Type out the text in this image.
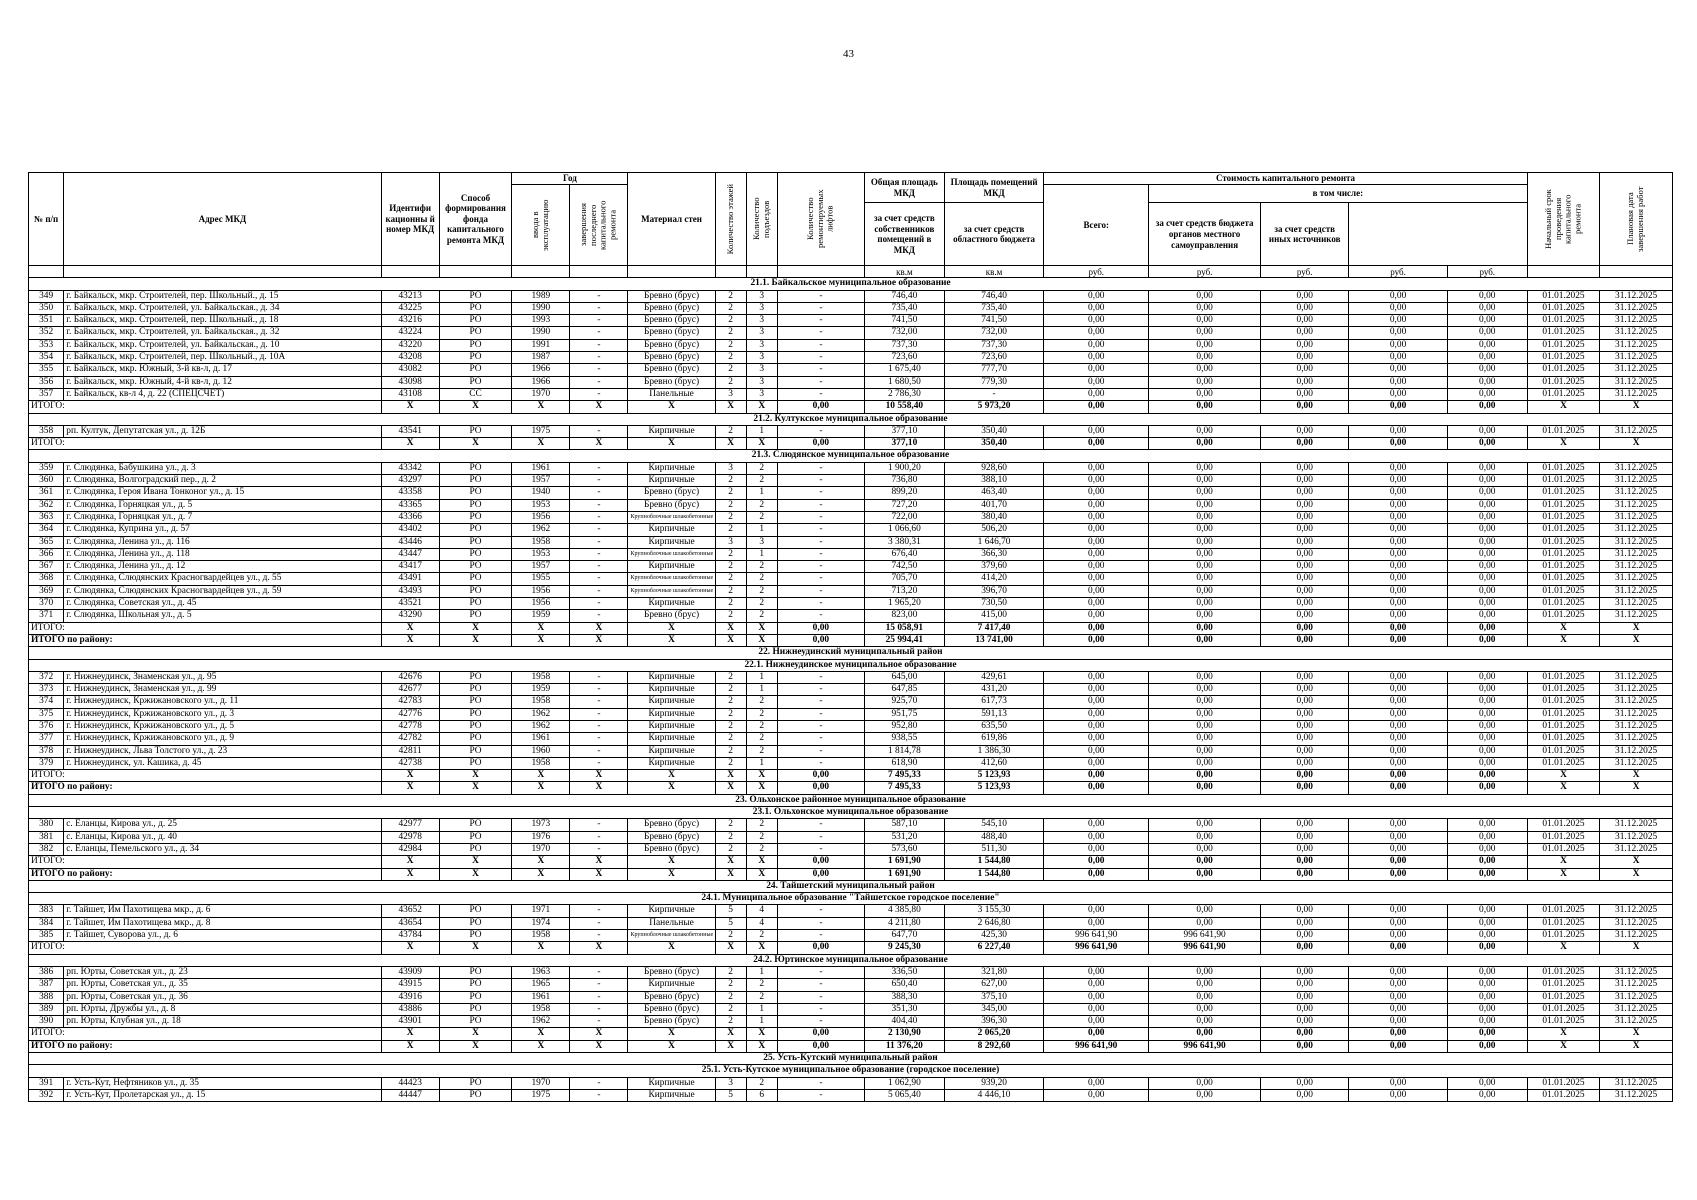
43
№ п/п	Адрес МКД	Идентифи кационны й номер МКД	Способ формирования фонда капитального ремонта МКД	Год		Материал стен	Количество этажей	Количество подъездов	Количество ремонтируемых лифтов	Общая площадь МКД	Площадь помещений МКД	Стоимость капитального ремонта					Начальный срок проведения капитального ремонта	Плановая дата завершения работ

				ввода в эксплуатацию	завершения последнего капитального ремонта							Всего:	в том числе:					
										за счет средств собственников помещений в МКД	за счет средств областного бюджета		за счет средств бюджета органов местного самоуправления	за счет средств иных источников				
										кв.м	кв.м	руб.	руб.	руб.	руб.	руб.		
21.1. Байкальское муниципальное образование																		
349	г. Байкальск, мкр. Строителей, пер. Школьный., д. 15	43213	РО	1989	-	Бревно (брус)	2	3	-	746,40	746,40	0,00	0,00	0,00	0,00	0,00	01.01.2025	31.12.2025
350	г. Байкальск, мкр. Строителей, ул. Байкальская., д. 34	43225	РО	1990	-	Бревно (брус)	2	3	-	735,40	735,40	0,00	0,00	0,00	0,00	0,00	01.01.2025	31.12.2025
351	г. Байкальск, мкр. Строителей, пер. Школьный., д. 18	43216	РО	1993	-	Бревно (брус)	2	3	-	741,50	741,50	0,00	0,00	0,00	0,00	0,00	01.01.2025	31.12.2025
352	г. Байкальск, мкр. Строителей, ул. Байкальская., д. 32	43224	РО	1990	-	Бревно (брус)	2	3	-	732,00	732,00	0,00	0,00	0,00	0,00	0,00	01.01.2025	31.12.2025
353	г. Байкальск, мкр. Строителей, ул. Байкальская., д. 10	43220	РО	1991	-	Бревно (брус)	2	3	-	737,30	737,30	0,00	0,00	0,00	0,00	0,00	01.01.2025	31.12.2025
354	г. Байкальск, мкр. Строителей, пер. Школьный., д. 10А	43208	РО	1987	-	Бревно (брус)	2	3	-	723,60	723,60	0,00	0,00	0,00	0,00	0,00	01.01.2025	31.12.2025
355	г. Байкальск, мкр. Южный, 3-й кв-л, д. 17	43082	РО	1966	-	Бревно (брус)	2	3	-	1 675,40	777,70	0,00	0,00	0,00	0,00	0,00	01.01.2025	31.12.2025
356	г. Байкальск, мкр. Южный, 4-й кв-л, д. 12	43098	РО	1966	-	Бревно (брус)	2	3	-	1 680,50	779,30	0,00	0,00	0,00	0,00	0,00	01.01.2025	31.12.2025
357	г. Байкальск, кв-л 4, д. 22 (СПЕЦСЧЕТ)	43108	СС	1970	-	Панельные	3	3	-	2 786,30	-	0,00	0,00	0,00	0,00	0,00	01.01.2025	31.12.2025
ИТОГО:		X	X	X	X	X	X	X	0,00	10 558,40	5 973,20	0,00	0,00	0,00	0,00	0,00	X	X
21.2. Култукское муниципальное образование																		
358	рп. Култук, Депутатская ул., д. 12Б	43541	РО	1975	-	Кирпичные	2	1	-	377,10	350,40	0,00	0,00	0,00	0,00	0,00	01.01.2025	31.12.2025
ИТОГО:		X	X	X	X	X	X	X	0,00	377,10	350,40	0,00	0,00	0,00	0,00	0,00	X	X
21.3. Слюдянское муниципальное образование																		
359	г. Слюдянка, Бабушкина ул., д. 3	43342	РО	1961	-	Кирпичные	3	2	-	1 900,20	928,60	0,00	0,00	0,00	0,00	0,00	01.01.2025	31.12.2025
360	г. Слюдянка, Волгоградский пер., д. 2	43297	РО	1957	-	Кирпичные	2	2	-	736,80	388,10	0,00	0,00	0,00	0,00	0,00	01.01.2025	31.12.2025
361	г. Слюдянка, Героя Ивана Тонконог ул., д. 15	43358	РО	1940	-	Бревно (брус)	2	1	-	899,20	463,40	0,00	0,00	0,00	0,00	0,00	01.01.2025	31.12.2025
362	г. Слюдянка, Горняцкая ул., д. 5	43365	РО	1953	-	Бревно (брус)	2	2	-	727,20	401,70	0,00	0,00	0,00	0,00	0,00	01.01.2025	31.12.2025
363	г. Слюдянка, Горняцкая ул., д. 7	43366	РО	1956	-	Крупноблочные шлакобетонные	2	2	-	722,00	380,40	0,00	0,00	0,00	0,00	0,00	01.01.2025	31.12.2025
364	г. Слюдянка, Куприна ул., д. 57	43402	РО	1962	-	Кирпичные	2	1	-	1 066,60	506,20	0,00	0,00	0,00	0,00	0,00	01.01.2025	31.12.2025
365	г. Слюдянка, Ленина ул., д. 116	43446	РО	1958	-	Кирпичные	3	3	-	3 380,31	1 646,70	0,00	0,00	0,00	0,00	0,00	01.01.2025	31.12.2025
366	г. Слюдянка, Ленина ул., д. 118	43447	РО	1953	-	Крупноблочные шлакобетонные	2	1	-	676,40	366,30	0,00	0,00	0,00	0,00	0,00	01.01.2025	31.12.2025
367	г. Слюдянка, Ленина ул., д. 12	43417	РО	1957	-	Кирпичные	2	2	-	742,50	379,60	0,00	0,00	0,00	0,00	0,00	01.01.2025	31.12.2025
368	г. Слюдянка, Слюдянских Красногвардейцев ул., д. 55	43491	РО	1955	-	Крупноблочные шлакобетонные	2	2	-	705,70	414,20	0,00	0,00	0,00	0,00	0,00	01.01.2025	31.12.2025
369	г. Слюдянка, Слюдянских Красногвардейцев ул., д. 59	43493	РО	1956	-	Крупноблочные шлакобетонные	2	2	-	713,20	396,70	0,00	0,00	0,00	0,00	0,00	01.01.2025	31.12.2025
370	г. Слюдянка, Советская ул., д. 45	43521	РО	1956	-	Кирпичные	2	2	-	1 965,20	730,50	0,00	0,00	0,00	0,00	0,00	01.01.2025	31.12.2025
371	г. Слюдянка, Школьная ул., д. 5	43290	РО	1959	-	Бревно (брус)	2	2	-	823,00	415,00	0,00	0,00	0,00	0,00	0,00	01.01.2025	31.12.2025
ИТОГО:		X	X	X	X	X	X	X	0,00	15 058,91	7 417,40	0,00	0,00	0,00	0,00	0,00	X	X
ИТОГО по району:		X	X	X	X	X	X	X	0,00	25 994,41	13 741,00	0,00	0,00	0,00	0,00	0,00	X	X
22. Нижнеудинский муниципальный район																		
22.1. Нижнеудинское муниципальное образование																		
372	г. Нижнеудинск, Знаменская ул., д. 95	42676	РО	1958	-	Кирпичные	2	1	-	645,00	429,61	0,00	0,00	0,00	0,00	0,00	01.01.2025	31.12.2025
373	г. Нижнеудинск, Знаменская ул., д. 99	42677	РО	1959	-	Кирпичные	2	1	-	647,85	431,20	0,00	0,00	0,00	0,00	0,00	01.01.2025	31.12.2025
374	г. Нижнеудинск, Кржижановского ул., д. 11	42783	РО	1958	-	Кирпичные	2	2	-	925,70	617,73	0,00	0,00	0,00	0,00	0,00	01.01.2025	31.12.2025
375	г. Нижнеудинск, Кржижановского ул., д. 3	42776	РО	1962	-	Кирпичные	2	2	-	951,75	591,13	0,00	0,00	0,00	0,00	0,00	01.01.2025	31.12.2025
376	г. Нижнеудинск, Кржижановского ул., д. 5	42778	РО	1962	-	Кирпичные	2	2	-	952,80	635,50	0,00	0,00	0,00	0,00	0,00	01.01.2025	31.12.2025
377	г. Нижнеудинск, Кржижановского ул., д. 9	42782	РО	1961	-	Кирпичные	2	2	-	938,55	619,86	0,00	0,00	0,00	0,00	0,00	01.01.2025	31.12.2025
378	г. Нижнеудинск, Льва Толстого ул., д. 23	42811	РО	1960	-	Кирпичные	2	2	-	1 814,78	1 386,30	0,00	0,00	0,00	0,00	0,00	01.01.2025	31.12.2025
379	г. Нижнеудинск, ул. Кашика, д. 45	42738	РО	1958	-	Кирпичные	2	1	-	618,90	412,60	0,00	0,00	0,00	0,00	0,00	01.01.2025	31.12.2025
ИТОГО:		X	X	X	X	X	X	X	0,00	7 495,33	5 123,93	0,00	0,00	0,00	0,00	0,00	X	X
ИТОГО по району:		X	X	X	X	X	X	X	0,00	7 495,33	5 123,93	0,00	0,00	0,00	0,00	0,00	X	X
23. Ольхонское районное муниципальное образование																		
23.1. Ольхонское муниципальное образование																		
380	с. Еланцы, Кирова ул., д. 25	42977	РО	1973	-	Бревно (брус)	2	2	-	587,10	545,10	0,00	0,00	0,00	0,00	0,00	01.01.2025	31.12.2025
381	с. Еланцы, Кирова ул., д. 40	42978	РО	1976	-	Бревно (брус)	2	2	-	531,20	488,40	0,00	0,00	0,00	0,00	0,00	01.01.2025	31.12.2025
382	с. Еланцы, Пемельского ул., д. 34	42984	РО	1970	-	Бревно (брус)	2	2	-	573,60	511,30	0,00	0,00	0,00	0,00	0,00	01.01.2025	31.12.2025
ИТОГО:		X	X	X	X	X	X	X	0,00	1 691,90	1 544,80	0,00	0,00	0,00	0,00	0,00	X	X
ИТОГО по району:		X	X	X	X	X	X	X	0,00	1 691,90	1 544,80	0,00	0,00	0,00	0,00	0,00	X	X
24. Тайшетский муниципальный район																		
24.1. Муниципальное образование "Тайшетское городское поселение"																		
383	г. Тайшет, Им Пахотищева мкр., д. 6	43652	РО	1971	-	Кирпичные	5	4	-	4 385,80	3 155,30	0,00	0,00	0,00	0,00	0,00	01.01.2025	31.12.2025
384	г. Тайшет, Им Пахотищева мкр., д. 8	43654	РО	1974	-	Панельные	5	4	-	4 211,80	2 646,80	0,00	0,00	0,00	0,00	0,00	01.01.2025	31.12.2025
385	г. Тайшет, Суворова ул., д. 6	43784	РО	1958	-	Крупноблочные шлакобетонные	2	2	-	647,70	425,30	996 641,90	996 641,90	0,00	0,00	0,00	01.01.2025	31.12.2025
ИТОГО:		X	X	X	X	X	X	X	0,00	9 245,30	6 227,40	996 641,90	996 641,90	0,00	0,00	0,00	X	X
24.2. Юртинское муниципальное образование																		
386	рп. Юрты, Советская ул., д. 23	43909	РО	1963	-	Бревно (брус)	2	1	-	336,50	321,80	0,00	0,00	0,00	0,00	0,00	01.01.2025	31.12.2025
387	рп. Юрты, Советская ул., д. 35	43915	РО	1965	-	Кирпичные	2	2	-	650,40	627,00	0,00	0,00	0,00	0,00	0,00	01.01.2025	31.12.2025
388	рп. Юрты, Советская ул., д. 36	43916	РО	1961	-	Бревно (брус)	2	2	-	388,30	375,10	0,00	0,00	0,00	0,00	0,00	01.01.2025	31.12.2025
389	рп. Юрты, Дружбы ул., д. 8	43886	РО	1958	-	Бревно (брус)	2	1	-	351,30	345,00	0,00	0,00	0,00	0,00	0,00	01.01.2025	31.12.2025
390	рп. Юрты, Клубная ул., д. 18	43901	РО	1962	-	Бревно (брус)	2	1	-	404,40	396,30	0,00	0,00	0,00	0,00	0,00	01.01.2025	31.12.2025
ИТОГО:		X	X	X	X	X	X	X	0,00	2 130,90	2 065,20	0,00	0,00	0,00	0,00	0,00	X	X
ИТОГО по району:		X	X	X	X	X	X	X	0,00	11 376,20	8 292,60	996 641,90	996 641,90	0,00	0,00	0,00	X	X
25. Усть-Кутский муниципальный район																		
25.1. Усть-Кутское муниципальное образование (городское поселение)																		
391	г. Усть-Кут, Нефтяников ул., д. 35	44423	РО	1970	-	Кирпичные	3	2	-	1 062,90	939,20	0,00	0,00	0,00	0,00	0,00	01.01.2025	31.12.2025
392	г. Усть-Кут, Пролетарская ул., д. 15	44447	РО	1975	-	Кирпичные	5	6	-	5 065,40	4 446,10	0,00	0,00	0,00	0,00	0,00	01.01.2025	31.12.2025
